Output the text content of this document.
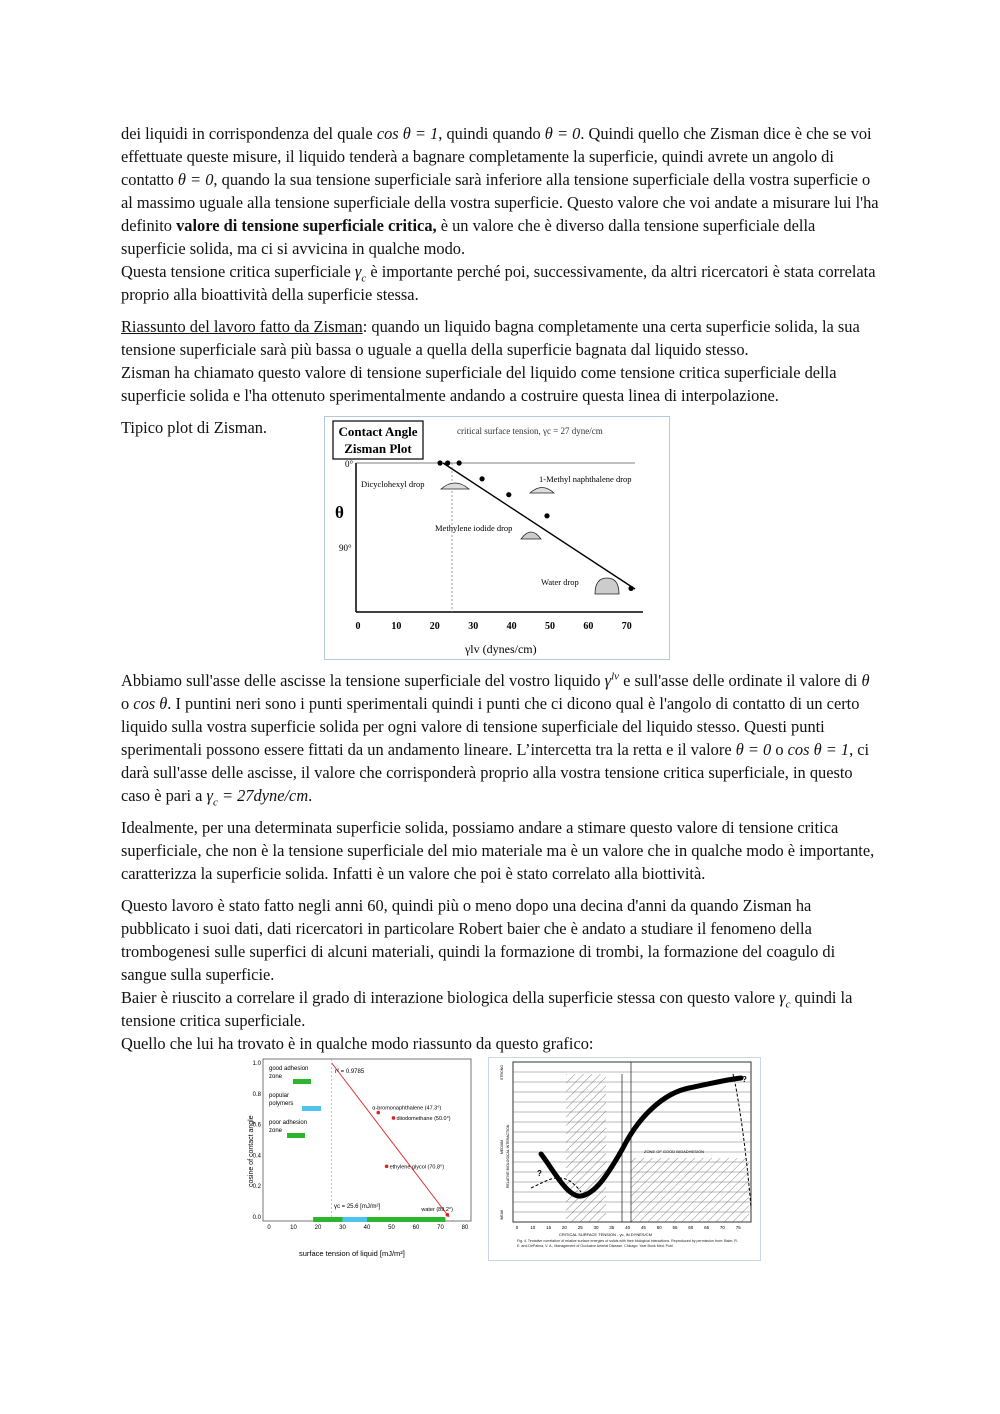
dei liquidi in corrispondenza del quale cos θ = 1, quindi quando θ = 0. Quindi quello che Zisman dice è che se voi effettuate queste misure, il liquido tenderà a bagnare completamente la superficie, quindi avrete un angolo di contatto θ = 0, quando la sua tensione superficiale sarà inferiore alla tensione superficiale della vostra superficie o al massimo uguale alla tensione superficiale della vostra superficie. Questo valore che voi andate a misurare lui l'ha definito valore di tensione superficiale critica, è un valore che è diverso dalla tensione superficiale della superficie solida, ma ci si avvicina in qualche modo.

Questa tensione critica superficiale $\gamma_c$ è importante perché poi, successivamente, da altri ricercatori è stata correlata proprio alla bioattività della superficie stessa.

Riassunto del lavoro fatto da Zisman: quando un liquido bagna completamente una certa superficie solida, la sua tensione superficiale sarà più bassa o uguale a quella della superficie bagnata dal liquido stesso.

Zisman ha chiamato questo valore di tensione superficiale del liquido come tensione critica superficiale della superficie solida e l'ha ottenuto sperimentalmente andando a costruire questa linea di interpolazione.

Tipico plot di Zisman.	Contact Angle
Zisman Plot
critical surface tension, γc = 27 dyne/cm
0°
90°
θ
0	10	20	30	40	50	60	70
γlv (dynes/cm)
Dicyclohexyl drop	1-Methyl naphthalene drop
Methylene iodide drop
Water drop

Abbiamo sull'asse delle ascisse la tensione superficiale del vostro liquido $\gamma^{lv}$ e sull'asse delle ordinate il valore di θ o cos θ. I puntini neri sono i punti sperimentali quindi i punti che ci dicono qual è l'angolo di contatto di un certo liquido sulla vostra superficie solida per ogni valore di tensione superficiale del liquido stesso. Questi punti sperimentali possono essere fittati da un andamento lineare. L’intercetta tra la retta e il valore θ = 0 o cos θ = 1, ci darà sull'asse delle ascisse, il valore che corrisponderà proprio alla vostra tensione critica superficiale, in questo caso è pari a $\gamma_c$ = 27dyne/cm.

Idealmente, per una determinata superficie solida, possiamo andare a stimare questo valore di tensione critica superficiale, che non è la tensione superficiale del mio materiale ma è un valore che in qualche modo è importante, caratterizza la superficie solida. Infatti è un valore che poi è stato correlato alla biottività.

Questo lavoro è stato fatto negli anni 60, quindi più o meno dopo una decina d'anni da quando Zisman ha pubblicato i suoi dati, dati ricercatori in particolare Robert baier che è andato a studiare il fenomeno della trombogenesi sulle superfici di alcuni materiali, quindi la formazione di trombi, la formazione del coagulo di sangue sulla superficie.

Baier è riuscito a correlare il grado di interazione biologica della superficie stessa con questo valore $\gamma_c$ quindi la tensione critica superficiale.

Quello che lui ha trovato è in qualche modo riassunto da questo grafico:

0.0
0.2
0.4
0.6
0.8
1.0
0	10	20	30	40	50	60	70	80
cosine of contact angle
surface tension of liquid [mJ/m²]
α-bromonaphthalene (47.3°)
diiodomethane (50.0°)
ethylene glycol (70.8°)
water (89.2°)
r² = 0.9785
γc = 25.6 [mJ/m²]
good adhesion
zone
popular
polymers
poor adhesion
zone
ZONE OF GOOD BIOADHESION
?
?
RELATIVE BIOLOGICAL INTERACTION
STRONG
MEDIUM
WEAK
0	10 15 20 25 30 35 40 45 50 55 60 65 70 75
CRITICAL SURFACE TENSION - γc, IN DYNES/CM
Fig. 4. Tentative correlation of relative surface energies of solids with their biological interactions. Reproduced by permission from: Baier, R. E. and DePalma, V. A., Management of Occlusive Arterial Disease. Chicago: Year Book Med. Publ.
